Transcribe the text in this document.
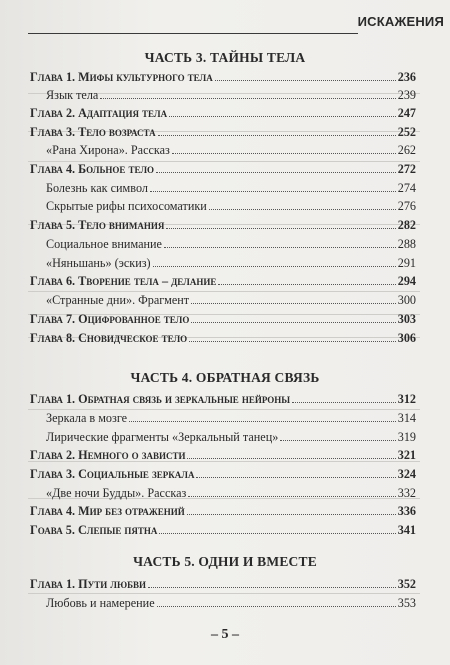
ИСКАЖЕНИЯ
ЧАСТЬ 3. ТАЙНЫ ТЕЛА
Глава 1. Мифы культурного тела	236
Язык тела	239
Глава 2. Адаптация тела	247
Глава 3. Тело возраста	252
«Рана Хирона». Рассказ	262
Глава 4. Больное тело	272
Болезнь как символ	274
Скрытые рифы психосоматики	276
Глава 5. Тело внимания	282
Социальное внимание	288
«Няньшань» (эскиз)	291
Глава 6. Творение тела – делание	294
«Странные дни». Фрагмент	300
Глава 7. Оцифрованное тело	303
Глава 8. Сновидческое тело	306
ЧАСТЬ 4. ОБРАТНАЯ СВЯЗЬ
Глава 1. Обратная связь и зеркальные нейроны	312
Зеркала в мозге	314
Лирические фрагменты «Зеркальный танец»	319
Глава 2. Немного о зависти	321
Глава 3. Социальные зеркала	324
«Две ночи Будды». Рассказ	332
Глава 4. Мир без отражений	336
Гоава 5. Слепые пятна	341
ЧАСТЬ 5. ОДНИ И ВМЕСТЕ
Глава 1. Пути любви	352
Любовь и намерение	353
– 5 –
